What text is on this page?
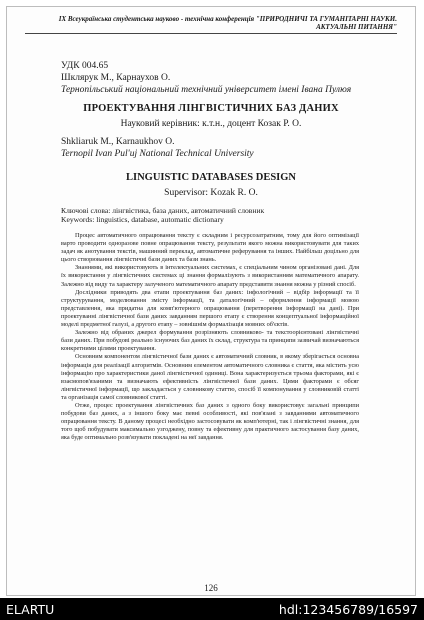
IX Всеукраїнська студентська науково - технічна конференція "ПРИРОДНИЧІ ТА ГУМАНІТАРНІ НАУКИ.
АКТУАЛЬНІ ПИТАННЯ"
УДК 004.65
Шклярук М., Карнаухов О.
Тернопільський національний технічний університет імені Івана Пулюя
ПРОЕКТУВАННЯ ЛІНГВІСТИЧНИХ БАЗ ДАНИХ
Науковий керівник: к.т.н., доцент Козак Р. О.
Shkliaruk M., Karnaukhov O.
Ternopil Ivan Pul'uj National Technical University
LINGUISTIC DATABASES DESIGN
Supervisor: Kozak R. O.
Ключові слова: лінгвістика, база даних, автоматичний словник
Keywords: linguistics, database, automatic dictionary

Процес автоматичного опрацювання тексту є складним і ресурсозатратним, тому для його оптимізації варто проводити одноразове повне опрацювання тексту, результати якого можна використовувати для таких задач як анотування текстів, машинний переклад, автоматичне реферування та інших. Найбільш доцільно для цього створювання лінгвістичні бази даних та бази знань.

Знаннями, які використовують в інтелектуальних системах, є спеціальним чином організовані дані. Для їх використання у лінгвістичних системах ці знання формалізують з використанням математичного апарату. Залежно від виду та характеру залученого математичного апарату представити знання можна у різний спосіб.

Дослідники приводять два етапи проектування баз даних: інфологічний – відбір інформації та її структурування, моделювання змісту інформації, та даталогічний – оформлення інформації мовою представлення, яка придатна для комп'ютерного опрацювання (перетворення інформації на дані). При проектуванні лінгвістичної бази даних завданням першого етапу є створення концептуальної інформаційної моделі предметної галузі, а другого етапу – зовнішнім формалізація мовних об'єктів.

Залежно від обраних джерел формування розрізняють словниково- та текстоорієнтовані лінгвістичні бази даних. При побудові реально існуючих баз даних їх склад, структура та принципи зазвичай визначаються конкретними цілями проектування.

Основним компонентом лінгвістичної бази даних є автоматичний словник, в якому зберігається основна інформація для реалізації алгоритмів. Основним елементом автоматичного словника є стаття, яка містить усю інформацію про характеристики даної лінгвістичної одиниці. Вона характеризується трьома факторами, які є взаємопов'язаними та визначають ефективність лінгвістичної бази даних. Цими факторами є обсяг лінгвістичної інформації, що закладається у словникову статтю, спосіб її компонування у словниковій статті та організація самої словникової статті.

Отже, процес проектування лінгвістичних баз даних з одного боку використовує загальні принципи побудови баз даних, а з іншого боку має певні особливості, які пов'язані з завданнями автоматичного опрацювання тексту. В даному процесі необхідно застосовувати як комп'ютерні, так і лінгвістичні знання, для того щоб побудувати максимально узгоджену, повну та ефективну для практичного застосування базу даних, яка буде оптимально розв'язувати покладені на неї завдання.

126
ELARTU	hdl:123456789/16597
